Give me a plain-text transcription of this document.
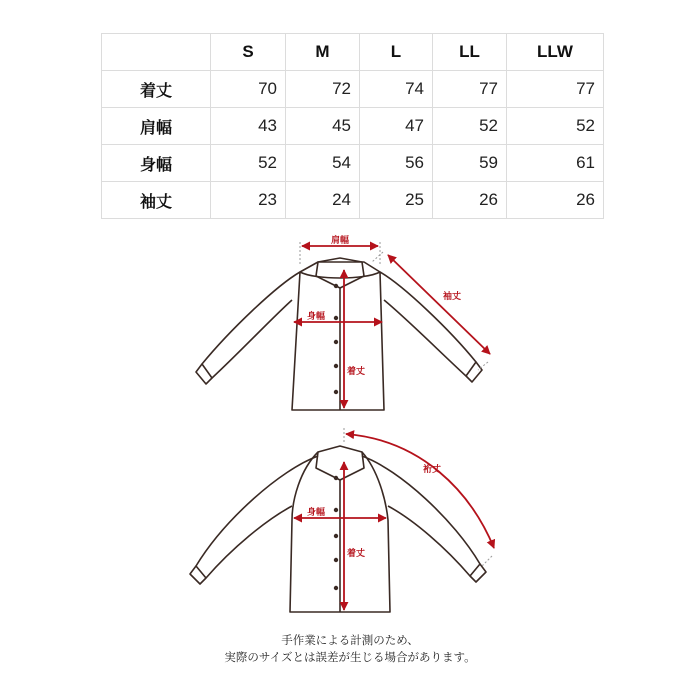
	S	M	L	LL	LLW
着丈	70	72	74	77	77
肩幅	43	45	47	52	52
身幅	52	54	56	59	61
袖丈	23	24	25	26	26
肩幅
袖丈
身幅
着丈
裄丈
身幅
着丈
手作業による計測のため、
実際のサイズとは誤差が生じる場合があります。
